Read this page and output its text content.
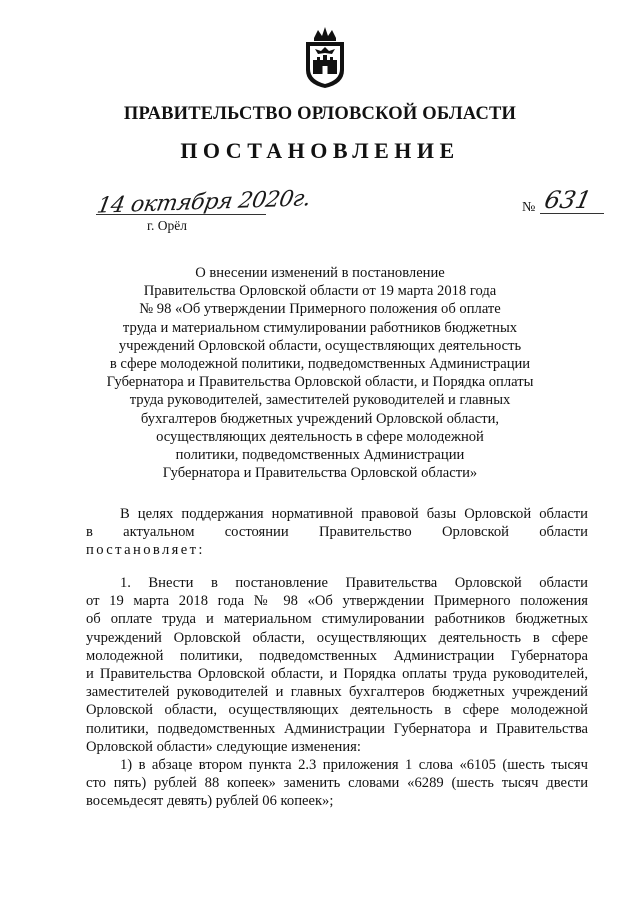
ПРАВИТЕЛЬСТВО ОРЛОВСКОЙ ОБЛАСТИ
ПОСТАНОВЛЕНИЕ
14 октября 2020г.
г. Орёл
№ 631
О внесении изменений в постановление
Правительства Орловской области от 19 марта 2018 года
№ 98 «Об утверждении Примерного положения об оплате
труда и материальном стимулировании работников бюджетных
учреждений Орловской области, осуществляющих деятельность
в сфере молодежной политики, подведомственных Администрации
Губернатора и Правительства Орловской области, и Порядка оплаты
труда руководителей, заместителей руководителей и главных
бухгалтеров бюджетных учреждений Орловской области,
осуществляющих деятельность в сфере молодежной
политики, подведомственных Администрации
Губернатора и Правительства Орловской области»
В целях поддержания нормативной правовой базы Орловской области
в актуальном состоянии Правительство Орловской области
постановляет:
1. Внести в постановление Правительства Орловской области
от 19 марта 2018 года № 98 «Об утверждении Примерного положения
об оплате труда и материальном стимулировании работников бюджетных
учреждений Орловской области, осуществляющих деятельность в сфере
молодежной политики, подведомственных Администрации Губернатора
и Правительства Орловской области, и Порядка оплаты труда руководителей,
заместителей руководителей и главных бухгалтеров бюджетных учреждений
Орловской области, осуществляющих деятельность в сфере молодежной
политики, подведомственных Администрации Губернатора и Правительства
Орловской области» следующие изменения:
1) в абзаце втором пункта 2.3 приложения 1 слова «6105 (шесть тысяч
сто пять) рублей 88 копеек» заменить словами «6289 (шесть тысяч двести
восемьдесят девять) рублей 06 копеек»;
